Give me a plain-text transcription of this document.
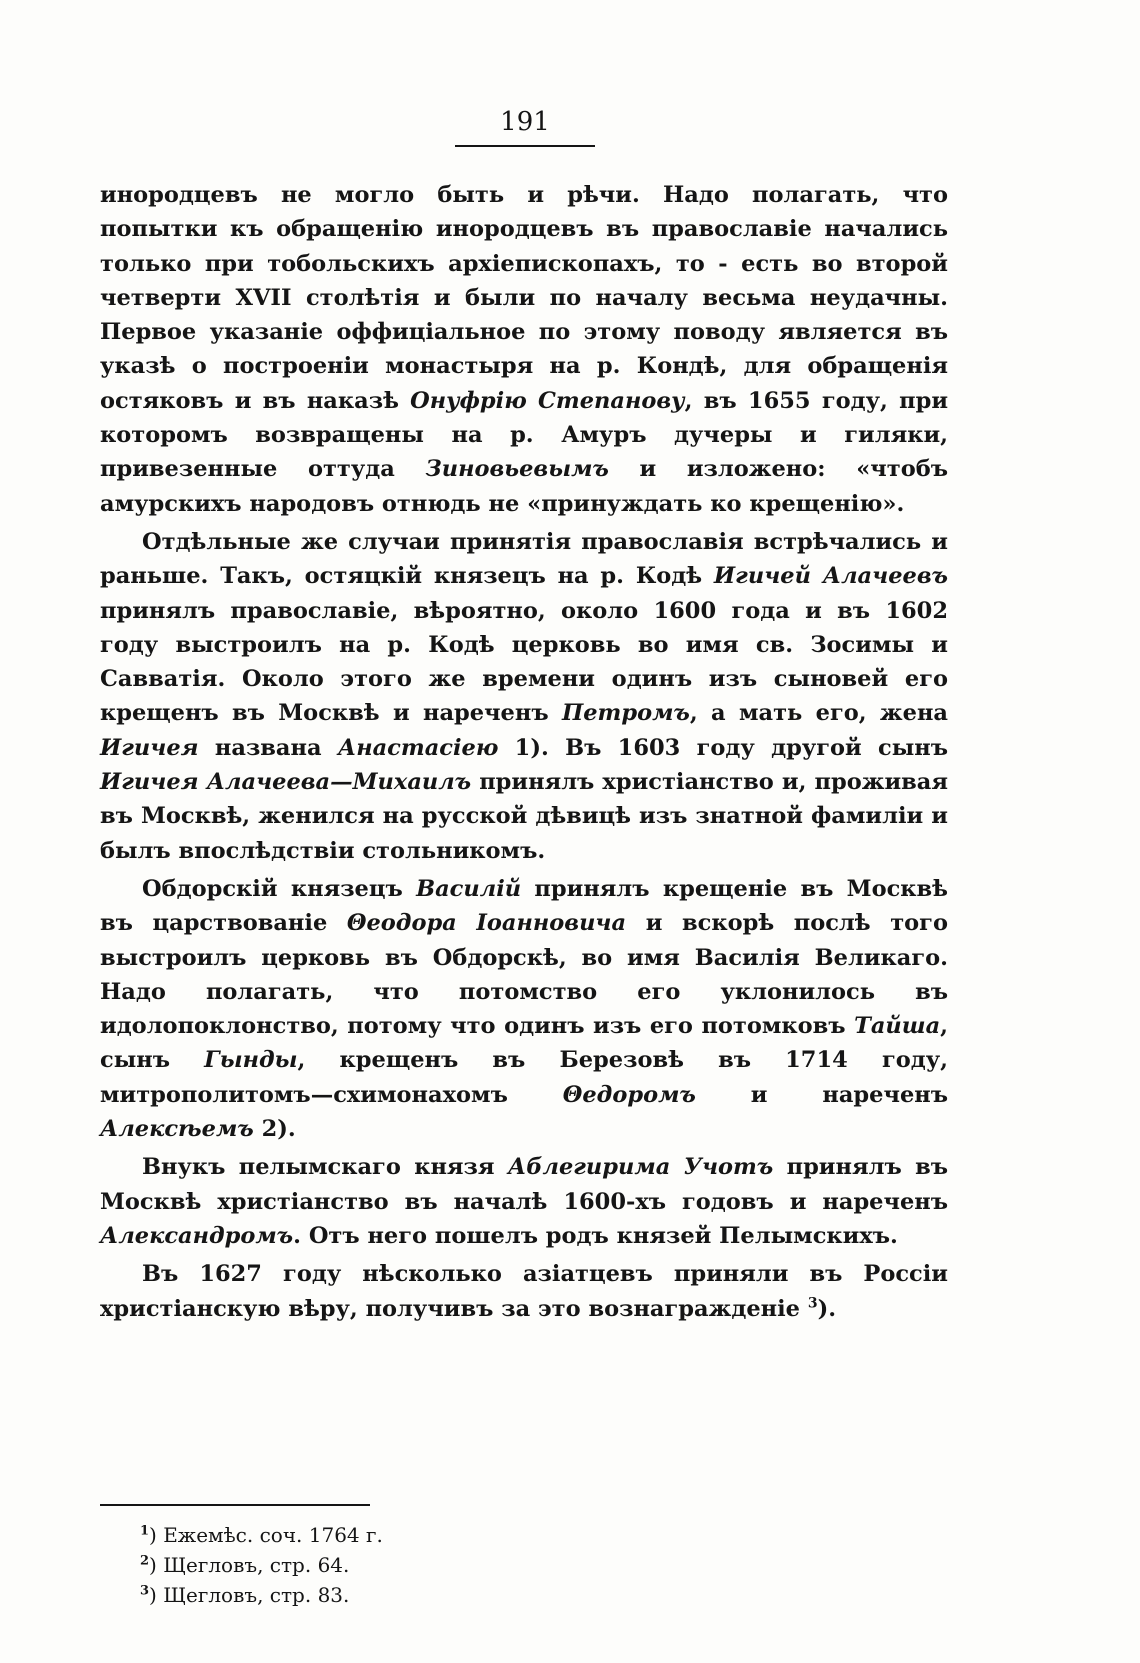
191

инородцевъ не могло быть и рѣчи. Надо полагать, что попытки къ обращенію инородцевъ въ православіе начались только при тобольскихъ архіепископахъ, то - есть во второй четверти XVII столѣтія и были по началу весьма неудачны. Первое указаніе оффиціальное по этому поводу является въ указѣ о построеніи монастыря на р. Кондѣ, для обращенія остяковъ и въ наказѣ Онуфрію Степанову, въ 1655 году, при которомъ возвращены на р. Амуръ дучеры и гиляки, привезенные оттуда Зиновьевымъ и изложено: «чтобъ амурскихъ народовъ отнюдь не «принуждать ко крещенію».

Отдѣльные же случаи принятія православія встрѣчались и раньше. Такъ, остяцкій князецъ на р. Кодѣ Игичей Алачеевъ принялъ православіе, вѣроятно, около 1600 года и въ 1602 году выстроилъ на р. Кодѣ церковь во имя св. Зосимы и Савватія. Около этого же времени одинъ изъ сыновей его крещенъ въ Москвѣ и нареченъ Петромъ, а мать его, жена Игичея названа Анастасіею 1). Въ 1603 году другой сынъ Игичея Алачеева—Михаилъ принялъ христіанство и, проживая въ Москвѣ, женился на русской дѣвицѣ изъ знатной фамиліи и былъ впослѣдствіи стольникомъ.

Обдорскій князецъ Василій принялъ крещеніе въ Москвѣ въ царствованіе Θеодора Іоанновича и вскорѣ послѣ того выстроилъ церковь въ Обдорскѣ, во имя Василія Великаго. Надо полагать, что потомство его уклонилось въ идолопоклонство, потому что одинъ изъ его потомковъ Тайша, сынъ Гынды, крещенъ въ Березовѣ въ 1714 году, митрополитомъ—схимонахомъ Θедоромъ и нареченъ Алексѣемъ 2).

Внукъ пелымскаго князя Аблегирима Учотъ принялъ въ Москвѣ христіанство въ началѣ 1600-хъ годовъ и нареченъ Александромъ. Отъ него пошелъ родъ князей Пелымскихъ.

Въ 1627 году нѣсколько азіатцевъ приняли въ Россіи христіанскую вѣру, получивъ за это вознагражденіе $^3$).

$^1$) Ежемѣс. соч. 1764 г.
$^2$) Щегловъ, стр. 64.
$^3$) Щегловъ, стр. 83.
